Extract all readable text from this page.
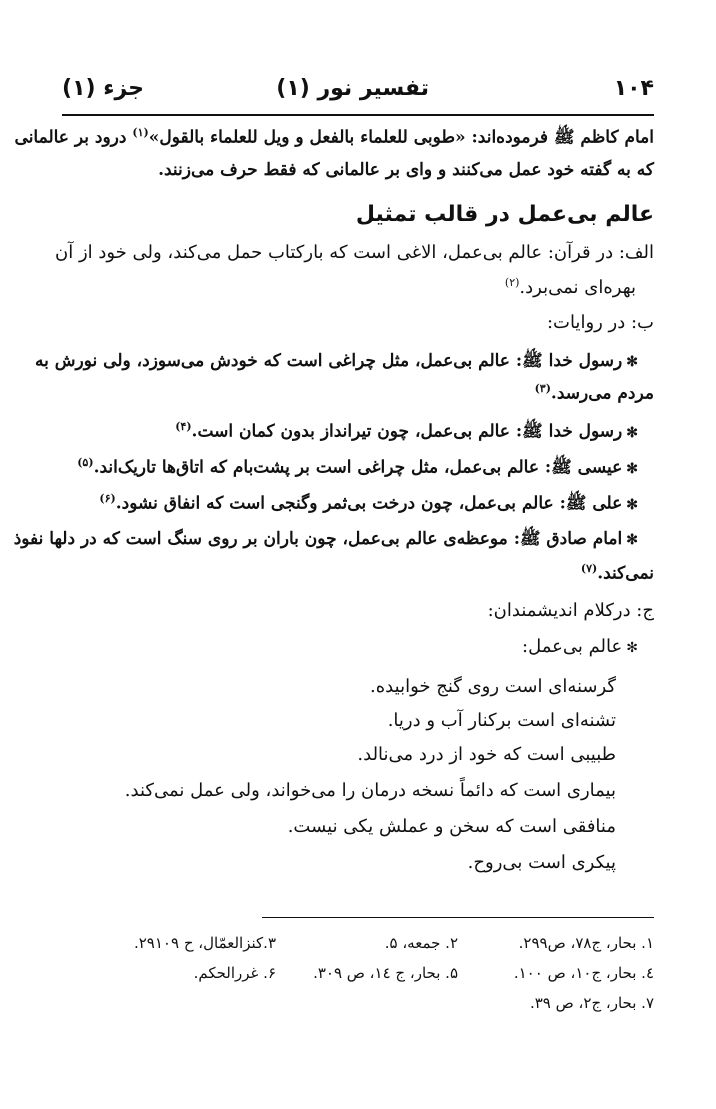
۱۰۴
تفسیر نور (۱)
جزء (۱)
امام کاظم ﷺ فرموده‌اند: «طوبی للعلماء بالفعل و ویل للعلماء بالقول»$^{(۱)}$ درود بر عالمانی
که به گفته خود عمل می‌کنند و وای بر عالمانی که فقط حرف می‌زنند.
عالم بی‌عمل در قالب تمثیل
الف: در قرآن: عالم بی‌عمل، الاغی است که بارکتاب حمل می‌کند، ولی خود از آن
بهره‌ای نمی‌برد.$^{(۲)}$
ب: در روایات:
✻رسول خدا ﷺ: عالم بی‌عمل، مثل چراغی است که خودش می‌سوزد، ولی نورش به
مردم می‌رسد.$^{(۳)}$
✻رسول خدا ﷺ: عالم بی‌عمل، چون تیرانداز بدون کمان است.$^{(۴)}$
✻عیسی ﷺ: عالم بی‌عمل، مثل چراغی است بر پشت‌بام که اتاق‌ها تاریک‌اند.$^{(۵)}$
✻علی ﷺ: عالم بی‌عمل، چون درخت بی‌ثمر وگنجی است که انفاق نشود.$^{(۶)}$
✻امام صادق ﷺ: موعظه‌ی عالم بی‌عمل، چون باران بر روی سنگ است که در دلها نفوذ
نمی‌کند.$^{(۷)}$
ج: درکلام اندیشمندان:
✻عالم بی‌عمل:
گرسنه‌ای است روی گنج خوابیده.
تشنه‌ای است برکنار آب و دریا.
طبیبی است که خود از درد می‌نالد.
بیماری است که دائماً نسخه درمان را می‌خواند، ولی عمل نمی‌کند.
منافقی است که سخن و عملش یکی نیست.
پیکری است بی‌روح.
۱. بحار، ج۷۸، ص۲۹۹.
۲. جمعه، ۵.
۳.کنزالعمّال، ح ۲۹۱۰۹.
٤. بحار، ج۱۰، ص ۱۰۰.
۵. بحار، ج ١٤، ص ۳۰۹.
۶. غررالحکم.
۷. بحار، ج۲، ص ۳۹.
